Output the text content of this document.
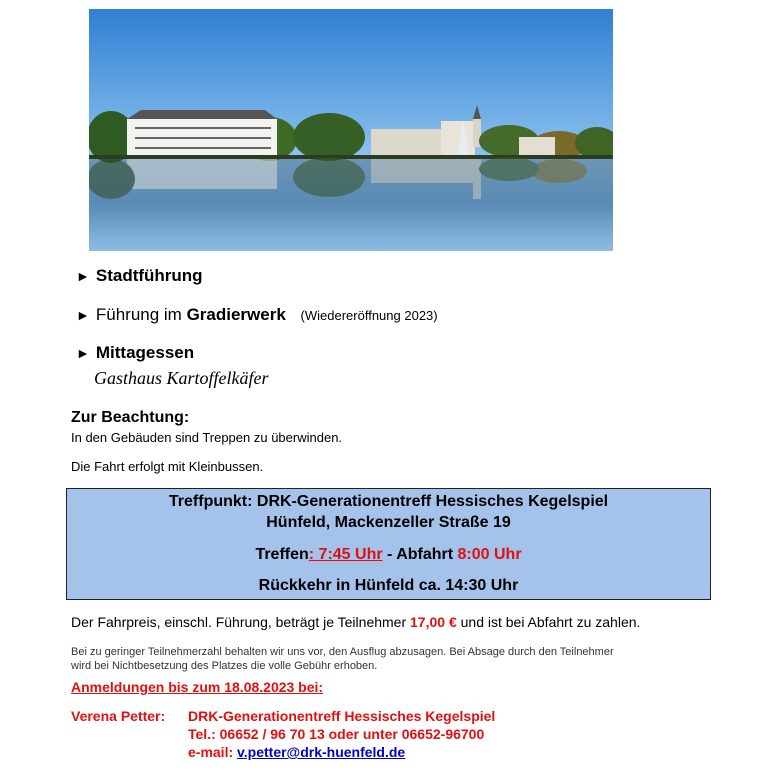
► Stadtführung
► Führung im Gradierwerk (Wiedereröffnung 2023)
► Mittagessen
Gasthaus Kartoffelkäfer
Zur Beachtung:
In den Gebäuden sind Treppen zu überwinden.
Die Fahrt erfolgt mit Kleinbussen.
Treffpunkt: DRK-Generationentreff Hessisches Kegelspiel
Hünfeld, Mackenzeller Straße 19
Treffen: 7:45 Uhr - Abfahrt 8:00 Uhr
Rückkehr in Hünfeld ca. 14:30 Uhr
Der Fahrpreis, einschl. Führung, beträgt je Teilnehmer 17,00 € und ist bei Abfahrt zu zahlen.
Bei zu geringer Teilnehmerzahl behalten wir uns vor, den Ausflug abzusagen. Bei Absage durch den Teilnehmer
wird bei Nichtbesetzung des Platzes die volle Gebühr erhoben.
Anmeldungen bis zum 18.08.2023 bei:
Verena Petter: DRK-Generationentreff Hessisches Kegelspiel
Tel.: 06652 / 96 70 13 oder unter 06652-96700
e-mail: v.petter@drk-huenfeld.de
